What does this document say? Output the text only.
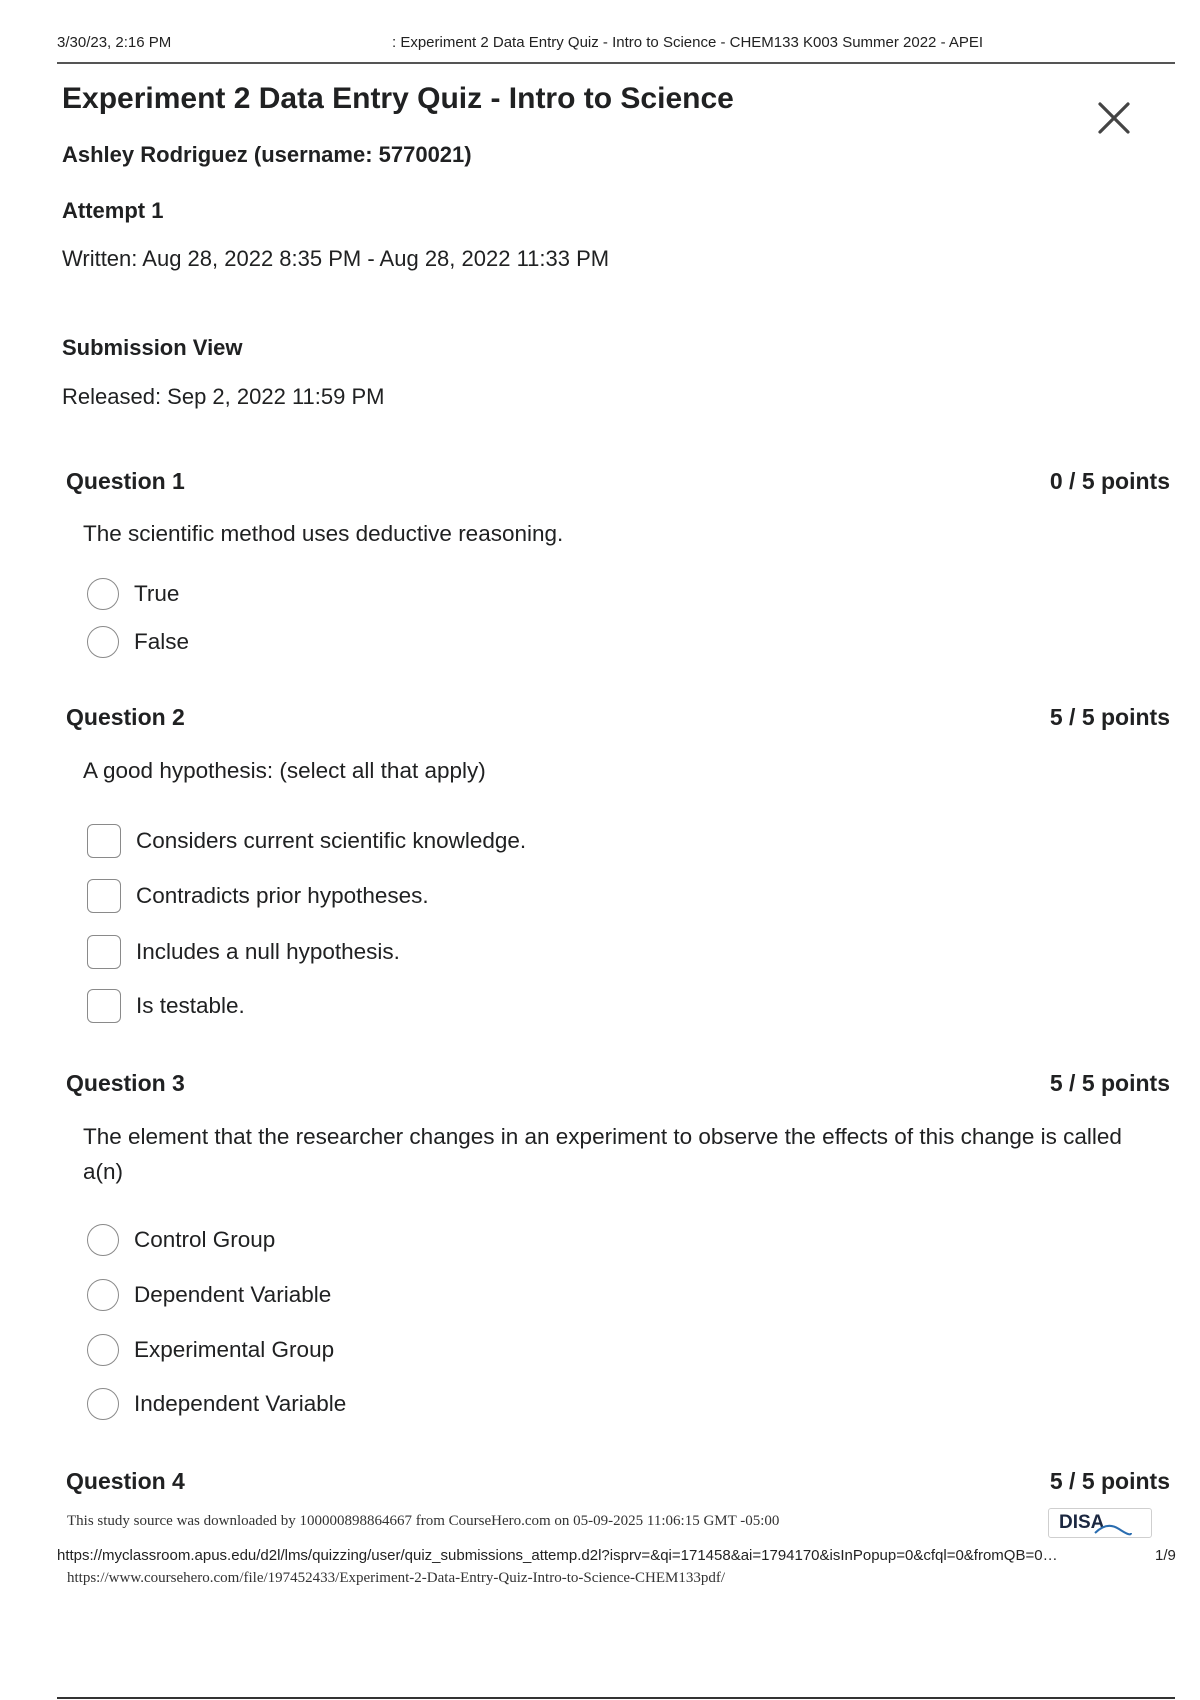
3/30/23, 2:16 PM	: Experiment 2 Data Entry Quiz - Intro to Science - CHEM133 K003 Summer 2022 - APEI
Experiment 2 Data Entry Quiz - Intro to Science
Ashley Rodriguez (username: 5770021)
Attempt 1
Written: Aug 28, 2022 8:35 PM - Aug 28, 2022 11:33 PM
Submission View
Released: Sep 2, 2022 11:59 PM
Question 1	0 / 5 points
The scientific method uses deductive reasoning.
True
False
Question 2	5 / 5 points
A good hypothesis: (select all that apply)
Considers current scientific knowledge.
Contradicts prior hypotheses.
Includes a null hypothesis.
Is testable.
Question 3	5 / 5 points
The element that the researcher changes in an experiment to observe the effects of this change is called a(n)
Control Group
Dependent Variable
Experimental Group
Independent Variable
Question 4	5 / 5 points
This study source was downloaded by 100000898864667 from CourseHero.com on 05-09-2025 11:06:15 GMT -05:00	DISA
https://myclassroom.apus.edu/d2l/lms/quizzing/user/quiz_submissions_attemp.d2l?isprv=&qi=171458&ai=1794170&isInPopup=0&cfql=0&fromQB=0…	1/9
https://www.coursehero.com/file/197452433/Experiment-2-Data-Entry-Quiz-Intro-to-Science-CHEM133pdf/
